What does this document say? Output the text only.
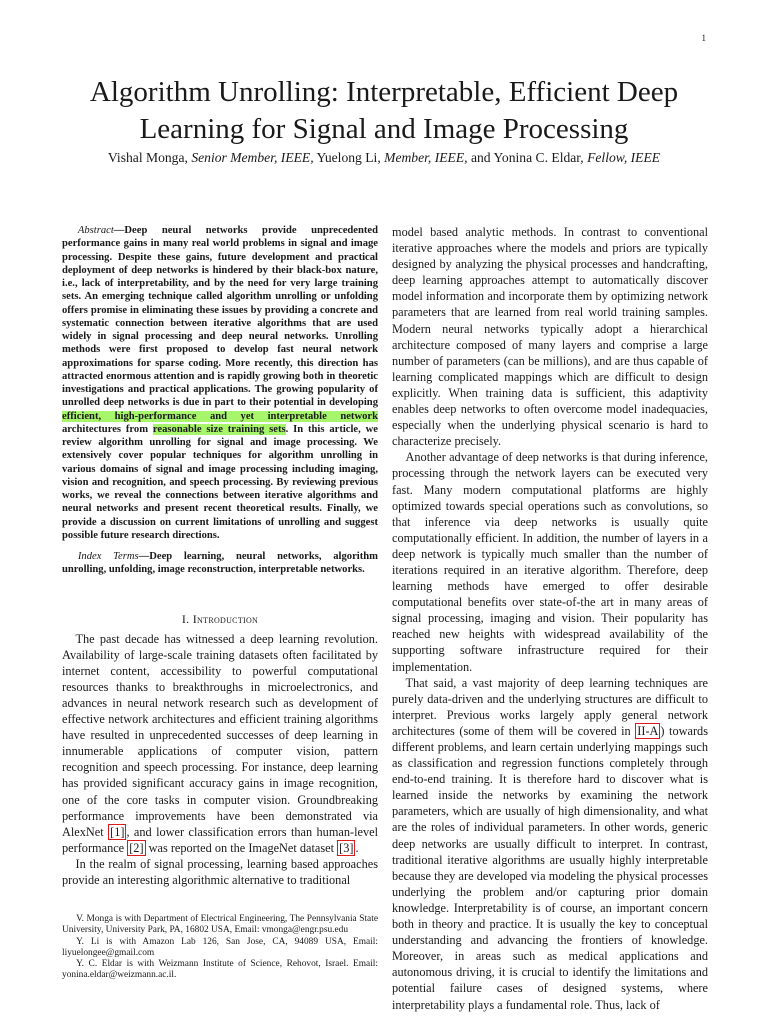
1
Algorithm Unrolling: Interpretable, Efficient Deep Learning for Signal and Image Processing
Vishal Monga, Senior Member, IEEE, Yuelong Li, Member, IEEE, and Yonina C. Eldar, Fellow, IEEE

Abstract—Deep neural networks provide unprecedented performance gains in many real world problems in signal and image processing. Despite these gains, future development and practical deployment of deep networks is hindered by their black-box nature, i.e., lack of interpretability, and by the need for very large training sets. An emerging technique called algorithm unrolling or unfolding offers promise in eliminating these issues by providing a concrete and systematic connection between iterative algorithms that are used widely in signal processing and deep neural networks. Unrolling methods were first proposed to develop fast neural network approximations for sparse coding. More recently, this direction has attracted enormous attention and is rapidly growing both in theoretic investigations and practical applications. The growing popularity of unrolled deep networks is due in part to their potential in developing efficient, high-performance and yet interpretable network architectures from reasonable size training sets. In this article, we review algorithm unrolling for signal and image processing. We extensively cover popular techniques for algorithm unrolling in various domains of signal and image processing including imaging, vision and recognition, and speech processing. By reviewing previous works, we reveal the connections between iterative algorithms and neural networks and present recent theoretical results. Finally, we provide a discussion on current limitations of unrolling and suggest possible future research directions.

Index Terms—Deep learning, neural networks, algorithm unrolling, unfolding, image reconstruction, interpretable networks.

I. Introduction

The past decade has witnessed a deep learning revolution. Availability of large-scale training datasets often facilitated by internet content, accessibility to powerful computational resources thanks to breakthroughs in microelectronics, and advances in neural network research such as development of effective network architectures and efficient training algorithms have resulted in unprecedented successes of deep learning in innumerable applications of computer vision, pattern recognition and speech processing. For instance, deep learning has provided significant accuracy gains in image recognition, one of the core tasks in computer vision. Groundbreaking performance improvements have been demonstrated via AlexNet [1] , and lower classification errors than human-level performance [2] was reported on the ImageNet dataset [3] .

In the realm of signal processing, learning based approaches provide an interesting algorithmic alternative to traditional

V. Monga is with Department of Electrical Engineering, The Pennsylvania State University, University Park, PA, 16802 USA, Email: vmonga@engr.psu.edu

Y. Li is with Amazon Lab 126, San Jose, CA, 94089 USA, Email: liyuelongee@gmail.com

Y. C. Eldar is with Weizmann Institute of Science, Rehovot, Israel. Email: yonina.eldar@weizmann.ac.il.

model based analytic methods. In contrast to conventional iterative approaches where the models and priors are typically designed by analyzing the physical processes and handcrafting, deep learning approaches attempt to automatically discover model information and incorporate them by optimizing network parameters that are learned from real world training samples. Modern neural networks typically adopt a hierarchical architecture composed of many layers and comprise a large number of parameters (can be millions), and are thus capable of learning complicated mappings which are difficult to design explicitly. When training data is sufficient, this adaptivity enables deep networks to often overcome model inadequacies, especially when the underlying physical scenario is hard to characterize precisely.

Another advantage of deep networks is that during inference, processing through the network layers can be executed very fast. Many modern computational platforms are highly optimized towards special operations such as convolutions, so that inference via deep networks is usually quite computationally efficient. In addition, the number of layers in a deep network is typically much smaller than the number of iterations required in an iterative algorithm. Therefore, deep learning methods have emerged to offer desirable computational benefits over state-of-the art in many areas of signal processing, imaging and vision. Their popularity has reached new heights with widespread availability of the supporting software infrastructure required for their implementation.

That said, a vast majority of deep learning techniques are purely data-driven and the underlying structures are difficult to interpret. Previous works largely apply general network architectures (some of them will be covered in II-A ) towards different problems, and learn certain underlying mappings such as classification and regression functions completely through end-to-end training. It is therefore hard to discover what is learned inside the networks by examining the network parameters, which are usually of high dimensionality, and what are the roles of individual parameters. In other words, generic deep networks are usually difficult to interpret. In contrast, traditional iterative algorithms are usually highly interpretable because they are developed via modeling the physical processes underlying the problem and/or capturing prior domain knowledge. Interpretability is of course, an important concern both in theory and practice. It is usually the key to conceptual understanding and advancing the frontiers of knowledge. Moreover, in areas such as medical applications and autonomous driving, it is crucial to identify the limitations and potential failure cases of designed systems, where interpretability plays a fundamental role. Thus, lack of
